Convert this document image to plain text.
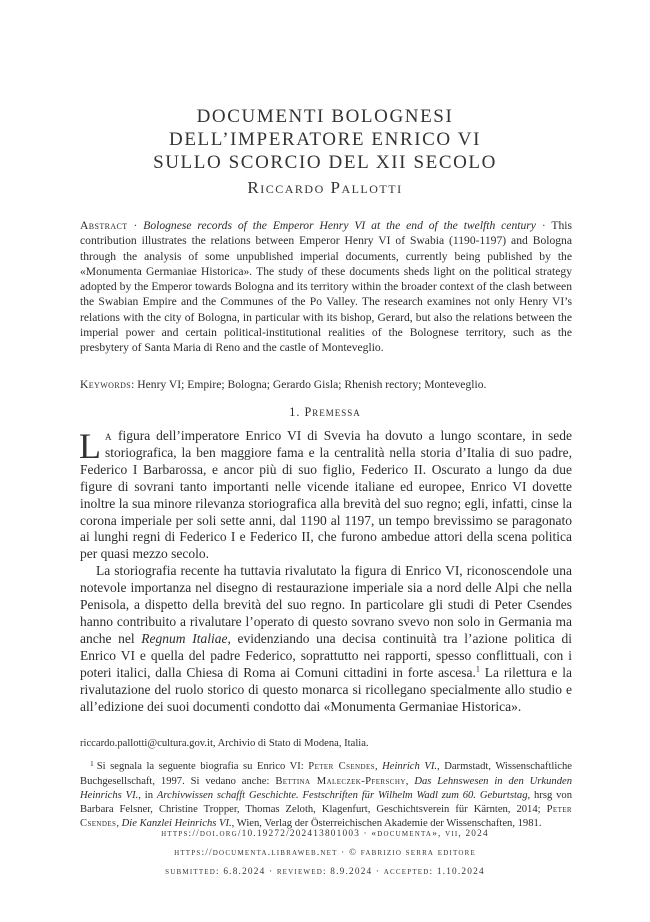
DOCUMENTI BOLOGNESI
DELL’IMPERATORE ENRICO VI
SULLO SCORCIO DEL XII SECOLO
Riccardo Pallotti
Abstract · Bolognese records of the Emperor Henry VI at the end of the twelfth century · This contribution illustrates the relations between Emperor Henry VI of Swabia (1190-1197) and Bologna through the analysis of some unpublished imperial documents, currently being published by the «Monumenta Germaniae Historica». The study of these documents sheds light on the political strategy adopted by the Emperor towards Bologna and its territory within the broader context of the clash between the Swabian Empire and the Communes of the Po Valley. The research examines not only Henry VI’s relations with the city of Bologna, in particular with its bishop, Gerard, but also the relations between the imperial power and certain political-institutional realities of the Bolognese territory, such as the presbytery of Santa Maria di Reno and the castle of Monteveglio.
Keywords: Henry VI; Empire; Bologna; Gerardo Gisla; Rhenish rectory; Monteveglio.
1. Premessa

La figura dell’imperatore Enrico VI di Svevia ha dovuto a lungo scontare, in sede storiografica, la ben maggiore fama e la centralità nella storia d’Italia di suo padre, Federico I Barbarossa, e ancor più di suo figlio, Federico II. Oscurato a lungo da due figure di sovrani tanto importanti nelle vicende italiane ed europee, Enrico VI dovette inoltre la sua minore rilevanza storiografica alla brevità del suo regno; egli, infatti, cinse la corona imperiale per soli sette anni, dal 1190 al 1197, un tempo brevissimo se paragonato ai lunghi regni di Federico I e Federico II, che furono ambedue attori della scena politica per quasi mezzo secolo.

La storiografia recente ha tuttavia rivalutato la figura di Enrico VI, riconoscendole una notevole importanza nel disegno di restaurazione imperiale sia a nord delle Alpi che nella Penisola, a dispetto della brevità del suo regno. In particolare gli studi di Peter Csendes hanno contribuito a rivalutare l’operato di questo sovrano svevo non solo in Germania ma anche nel Regnum Italiae, evidenziando una decisa continuità tra l’azione politica di Enrico VI e quella del padre Federico, soprattutto nei rapporti, spesso conflittuali, con i poteri italici, dalla Chiesa di Roma ai Comuni cittadini in forte ascesa.$^1$ La rilettura e la rivalutazione del ruolo storico di questo monarca si ricollegano specialmente allo studio e all’edizione dei suoi documenti condotto dai «Monumenta Germaniae Historica».

riccardo.pallotti@cultura.gov.it, Archivio di Stato di Modena, Italia.

$^1$ Si segnala la seguente biografia su Enrico VI: Peter Csendes, Heinrich VI., Darmstadt, Wissenschaftliche Buchgesellschaft, 1997. Si vedano anche: Bettina Maleczek-Pferschy, Das Lehnswesen in den Urkunden Heinrichs VI., in Archivwissen schafft Geschichte. Festschriften für Wilhelm Wadl zum 60. Geburtstag, hrsg von Barbara Felsner, Christine Tropper, Thomas Zeloth, Klagenfurt, Geschichtsverein für Kärnten, 2014; Peter Csendes, Die Kanzlei Heinrichs VI., Wien, Verlag der Österreichischen Akademie der Wissenschaften, 1981.

https://doi.org/10.19272/202413801003 · «documenta», vii, 2024
https://documenta.libraweb.net · © fabrizio serra editore
submitted: 6.8.2024 · reviewed: 8.9.2024 · accepted: 1.10.2024
